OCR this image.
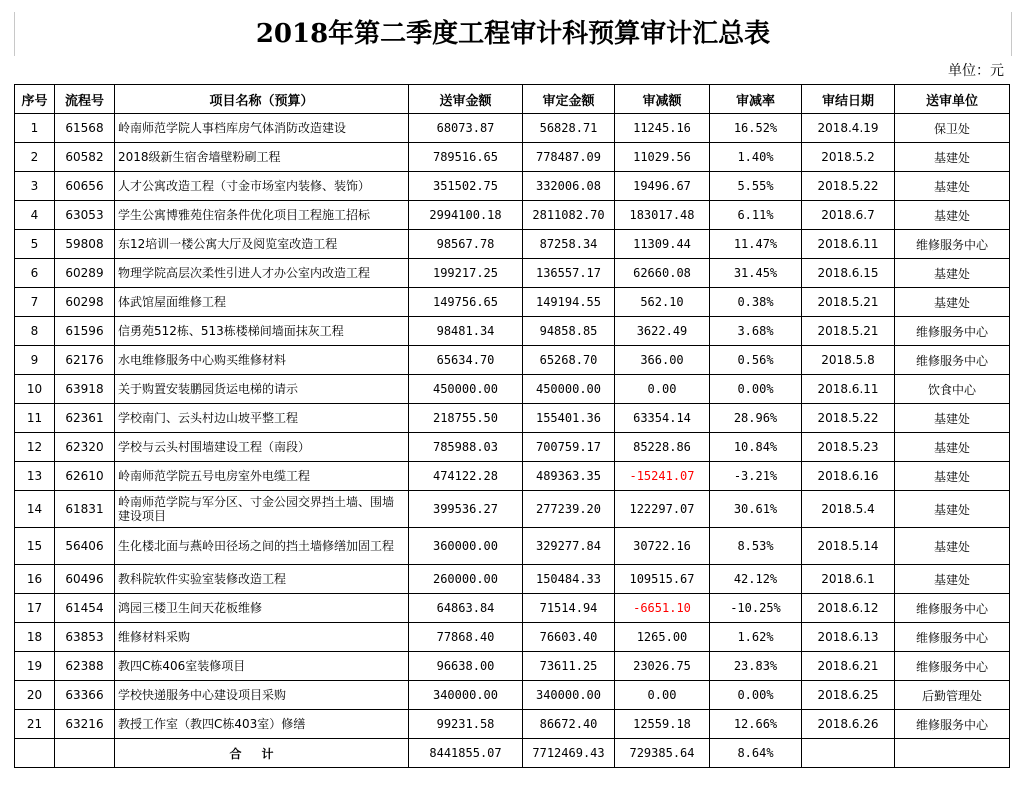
2018年第二季度工程审计科预算审计汇总表
单位：元
序号	流程号	项目名称（预算）	送审金额	审定金额	审减额	审减率	审结日期	送审单位
1	61568	岭南师范学院人事档库房气体消防改造建设	68073.87	56828.71	11245.16	16.52%	2018.4.19	保卫处
2	60582	2018级新生宿舍墙壁粉刷工程	789516.65	778487.09	11029.56	1.40%	2018.5.2	基建处
3	60656	人才公寓改造工程（寸金市场室内装修、装饰）	351502.75	332006.08	19496.67	5.55%	2018.5.22	基建处
4	63053	学生公寓博雅苑住宿条件优化项目工程施工招标	2994100.18	2811082.70	183017.48	6.11%	2018.6.7	基建处
5	59808	东12培训一楼公寓大厅及阅览室改造工程	98567.78	87258.34	11309.44	11.47%	2018.6.11	维修服务中心
6	60289	物理学院高层次柔性引进人才办公室内改造工程	199217.25	136557.17	62660.08	31.45%	2018.6.15	基建处
7	60298	体武馆屋面维修工程	149756.65	149194.55	562.10	0.38%	2018.5.21	基建处
8	61596	信勇苑512栋、513栋楼梯间墙面抹灰工程	98481.34	94858.85	3622.49	3.68%	2018.5.21	维修服务中心
9	62176	水电维修服务中心购买维修材料	65634.70	65268.70	366.00	0.56%	2018.5.8	维修服务中心
10	63918	关于购置安装鹏园货运电梯的请示	450000.00	450000.00	0.00	0.00%	2018.6.11	饮食中心
11	62361	学校南门、云头村边山坡平整工程	218755.50	155401.36	63354.14	28.96%	2018.5.22	基建处
12	62320	学校与云头村围墙建设工程（南段）	785988.03	700759.17	85228.86	10.84%	2018.5.23	基建处
13	62610	岭南师范学院五号电房室外电缆工程	474122.28	489363.35	-15241.07	-3.21%	2018.6.16	基建处
14	61831	岭南师范学院与军分区、寸金公园交界挡土墙、围墙建设项目	399536.27	277239.20	122297.07	30.61%	2018.5.4	基建处
15	56406	生化楼北面与燕岭田径场之间的挡土墙修缮加固工程	360000.00	329277.84	30722.16	8.53%	2018.5.14	基建处
16	60496	教科院软件实验室装修改造工程	260000.00	150484.33	109515.67	42.12%	2018.6.1	基建处
17	61454	鸿园三楼卫生间天花板维修	64863.84	71514.94	-6651.10	-10.25%	2018.6.12	维修服务中心
18	63853	维修材料采购	77868.40	76603.40	1265.00	1.62%	2018.6.13	维修服务中心
19	62388	教四C栋406室装修项目	96638.00	73611.25	23026.75	23.83%	2018.6.21	维修服务中心
20	63366	学校快递服务中心建设项目采购	340000.00	340000.00	0.00	0.00%	2018.6.25	后勤管理处
21	63216	教授工作室（教四C栋403室）修缮	99231.58	86672.40	12559.18	12.66%	2018.6.26	维修服务中心
		合计	8441855.07	7712469.43	729385.64	8.64%		
